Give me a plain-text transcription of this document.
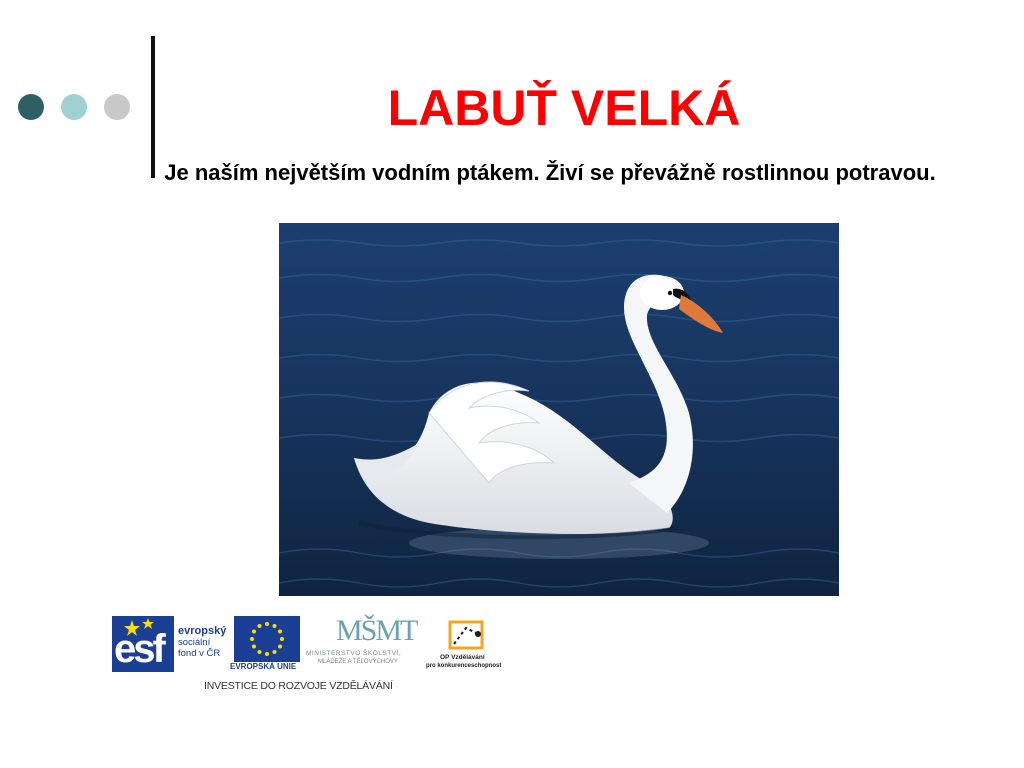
LABUŤ VELKÁ
Je naším největším vodním ptákem. Živí se převážně rostlinnou potravou.
esf evropský
sociální
fond v ČR
EVROPSKÁ UNIE
MŠMT
MINISTERSTVO ŠKOLSTVÍ,
MLÁDEŽE A TĚLOVÝCHOVY
OP Vzdělávání
pro konkurenceschopnost
INVESTICE DO ROZVOJE VZDĚLÁVÁNÍ
